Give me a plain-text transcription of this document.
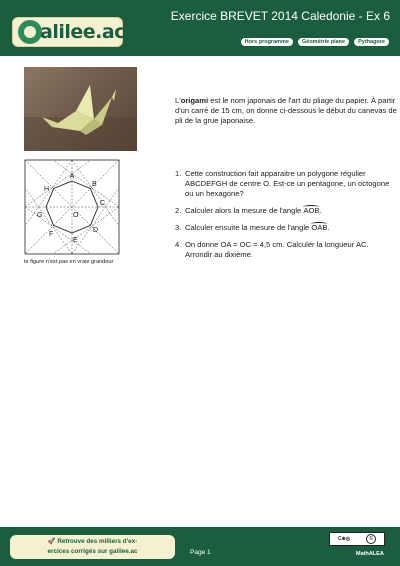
alilee.ac
Exercice BREVET 2014 Caledonie - Ex 6
Hors programme	Géométrie plane	Pythagore

L'origami est le nom japonais de l'art du pliage du papier. À partir d'un carré de 15 cm, on donne ci-dessous le début du canevas de pli de la grue japonaise.

A
B
C
D
E
F
G
H
O
te figure n'est pas en vraie grandeur
1. Cette construction fait apparaitre un polygone régulier ABCDEFGH de centre O. Est-ce un pentagone, un octogone ou un hexagone?
2. Calculer alors la mesure de l'angle AOB.
3. Calculer ensuite la mesure de l'angle OAB.
4. On donne OA = OC = 4,5 cm. Calculer la longueur AC. Arrondir au dixième.
🚀 Retrouve des milliers d'ex-
ercices corrigés sur galilee.ac	Page 1
C⊕◎	©
MathALEA
